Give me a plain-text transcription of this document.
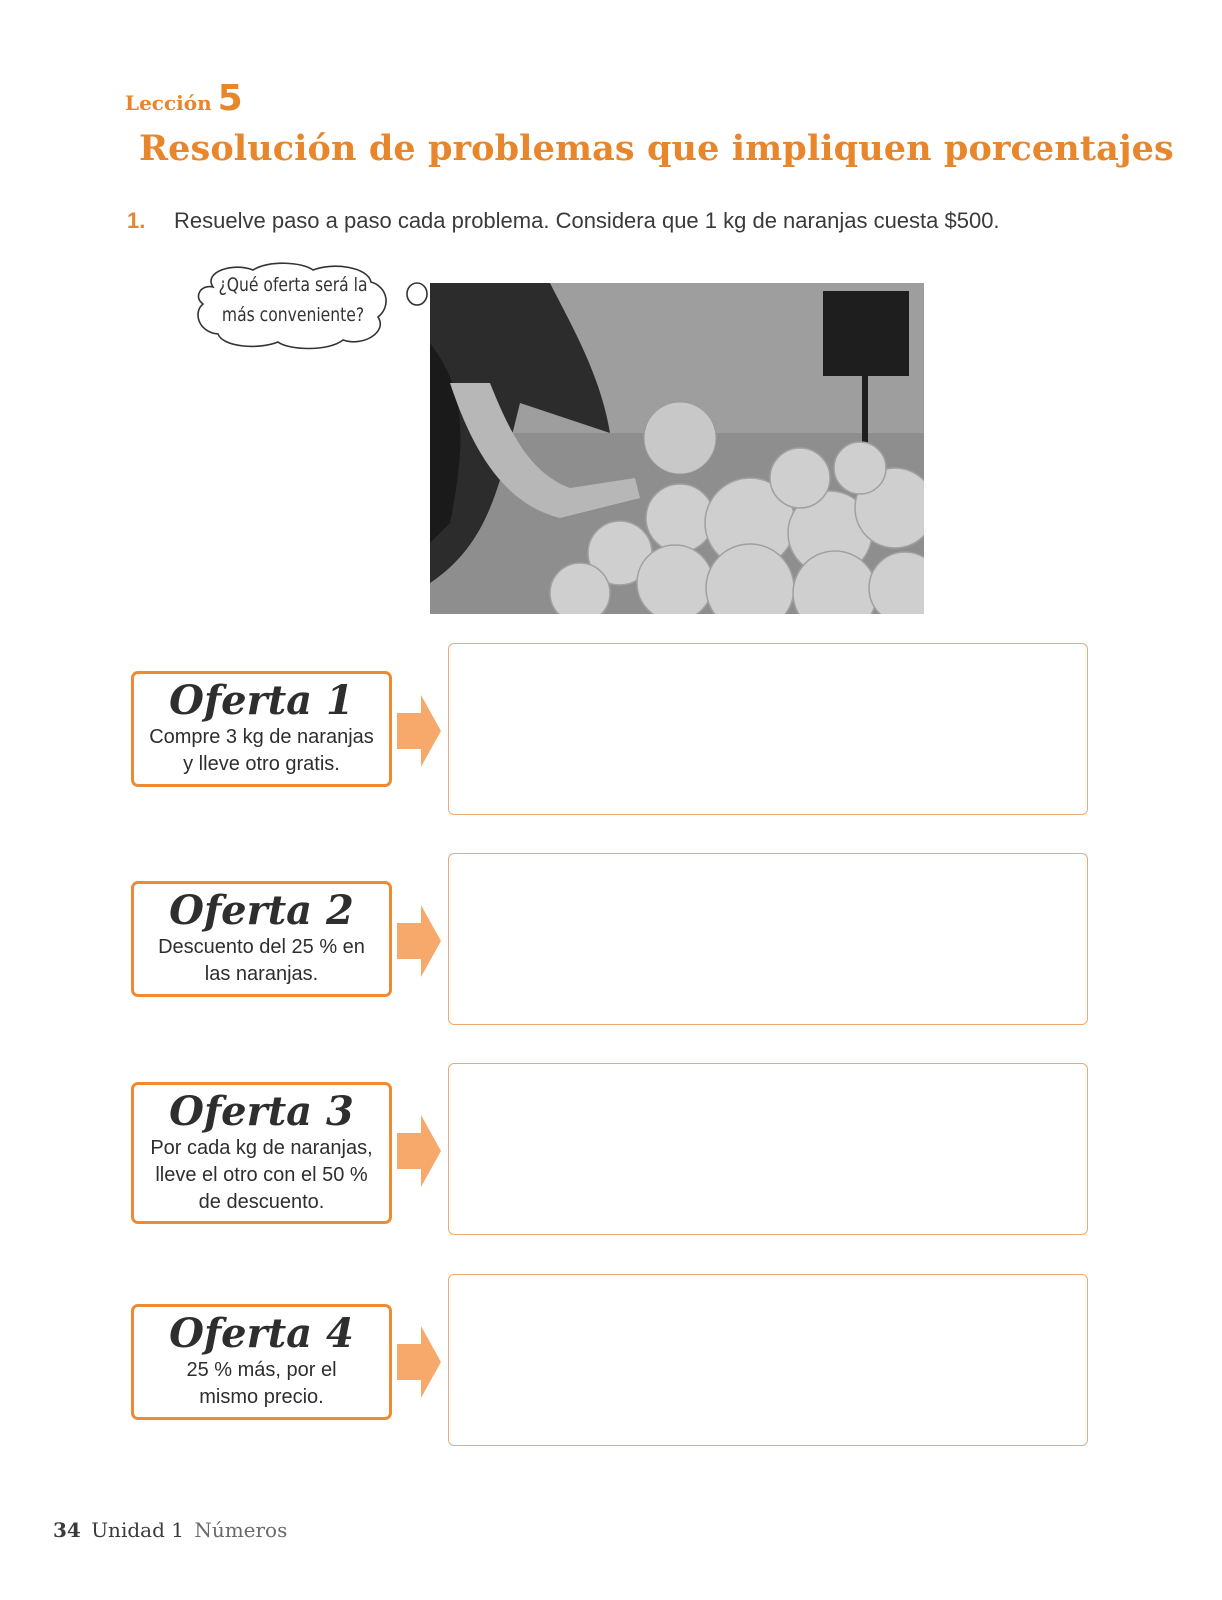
Lección 5
Resolución de problemas que impliquen porcentajes
1. Resuelve paso a paso cada problema. Considera que 1 kg de naranjas cuesta $500.
¿Qué oferta será la
más conveniente?
Oferta 1
Compre 3 kg de naranjas
y lleve otro gratis.
Oferta 2
Descuento del 25 % en
las naranjas.
Oferta 3
Por cada kg de naranjas,
lleve el otro con el 50 %
de descuento.
Oferta 4
25 % más, por el
mismo precio.
34 Unidad 1 Números
